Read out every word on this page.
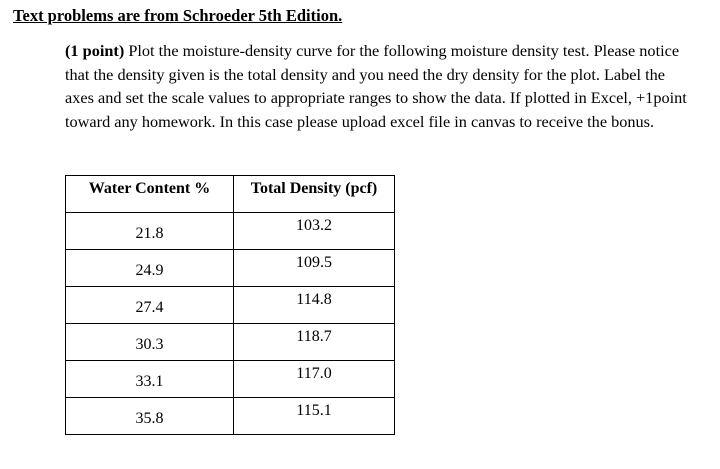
Text problems are from Schroeder 5th Edition.

(1 point) Plot the moisture-density curve for the following moisture density test. Please notice that the density given is the total density and you need the dry density for the plot. Label the axes and set the scale values to appropriate ranges to show the data. If plotted in Excel, +1point toward any homework. In this case please upload excel file in canvas to receive the bonus.

Water Content %	Total Density (pcf)

21.8	103.2

24.9	109.5

27.4	114.8

30.3	118.7

33.1	117.0

35.8	115.1
